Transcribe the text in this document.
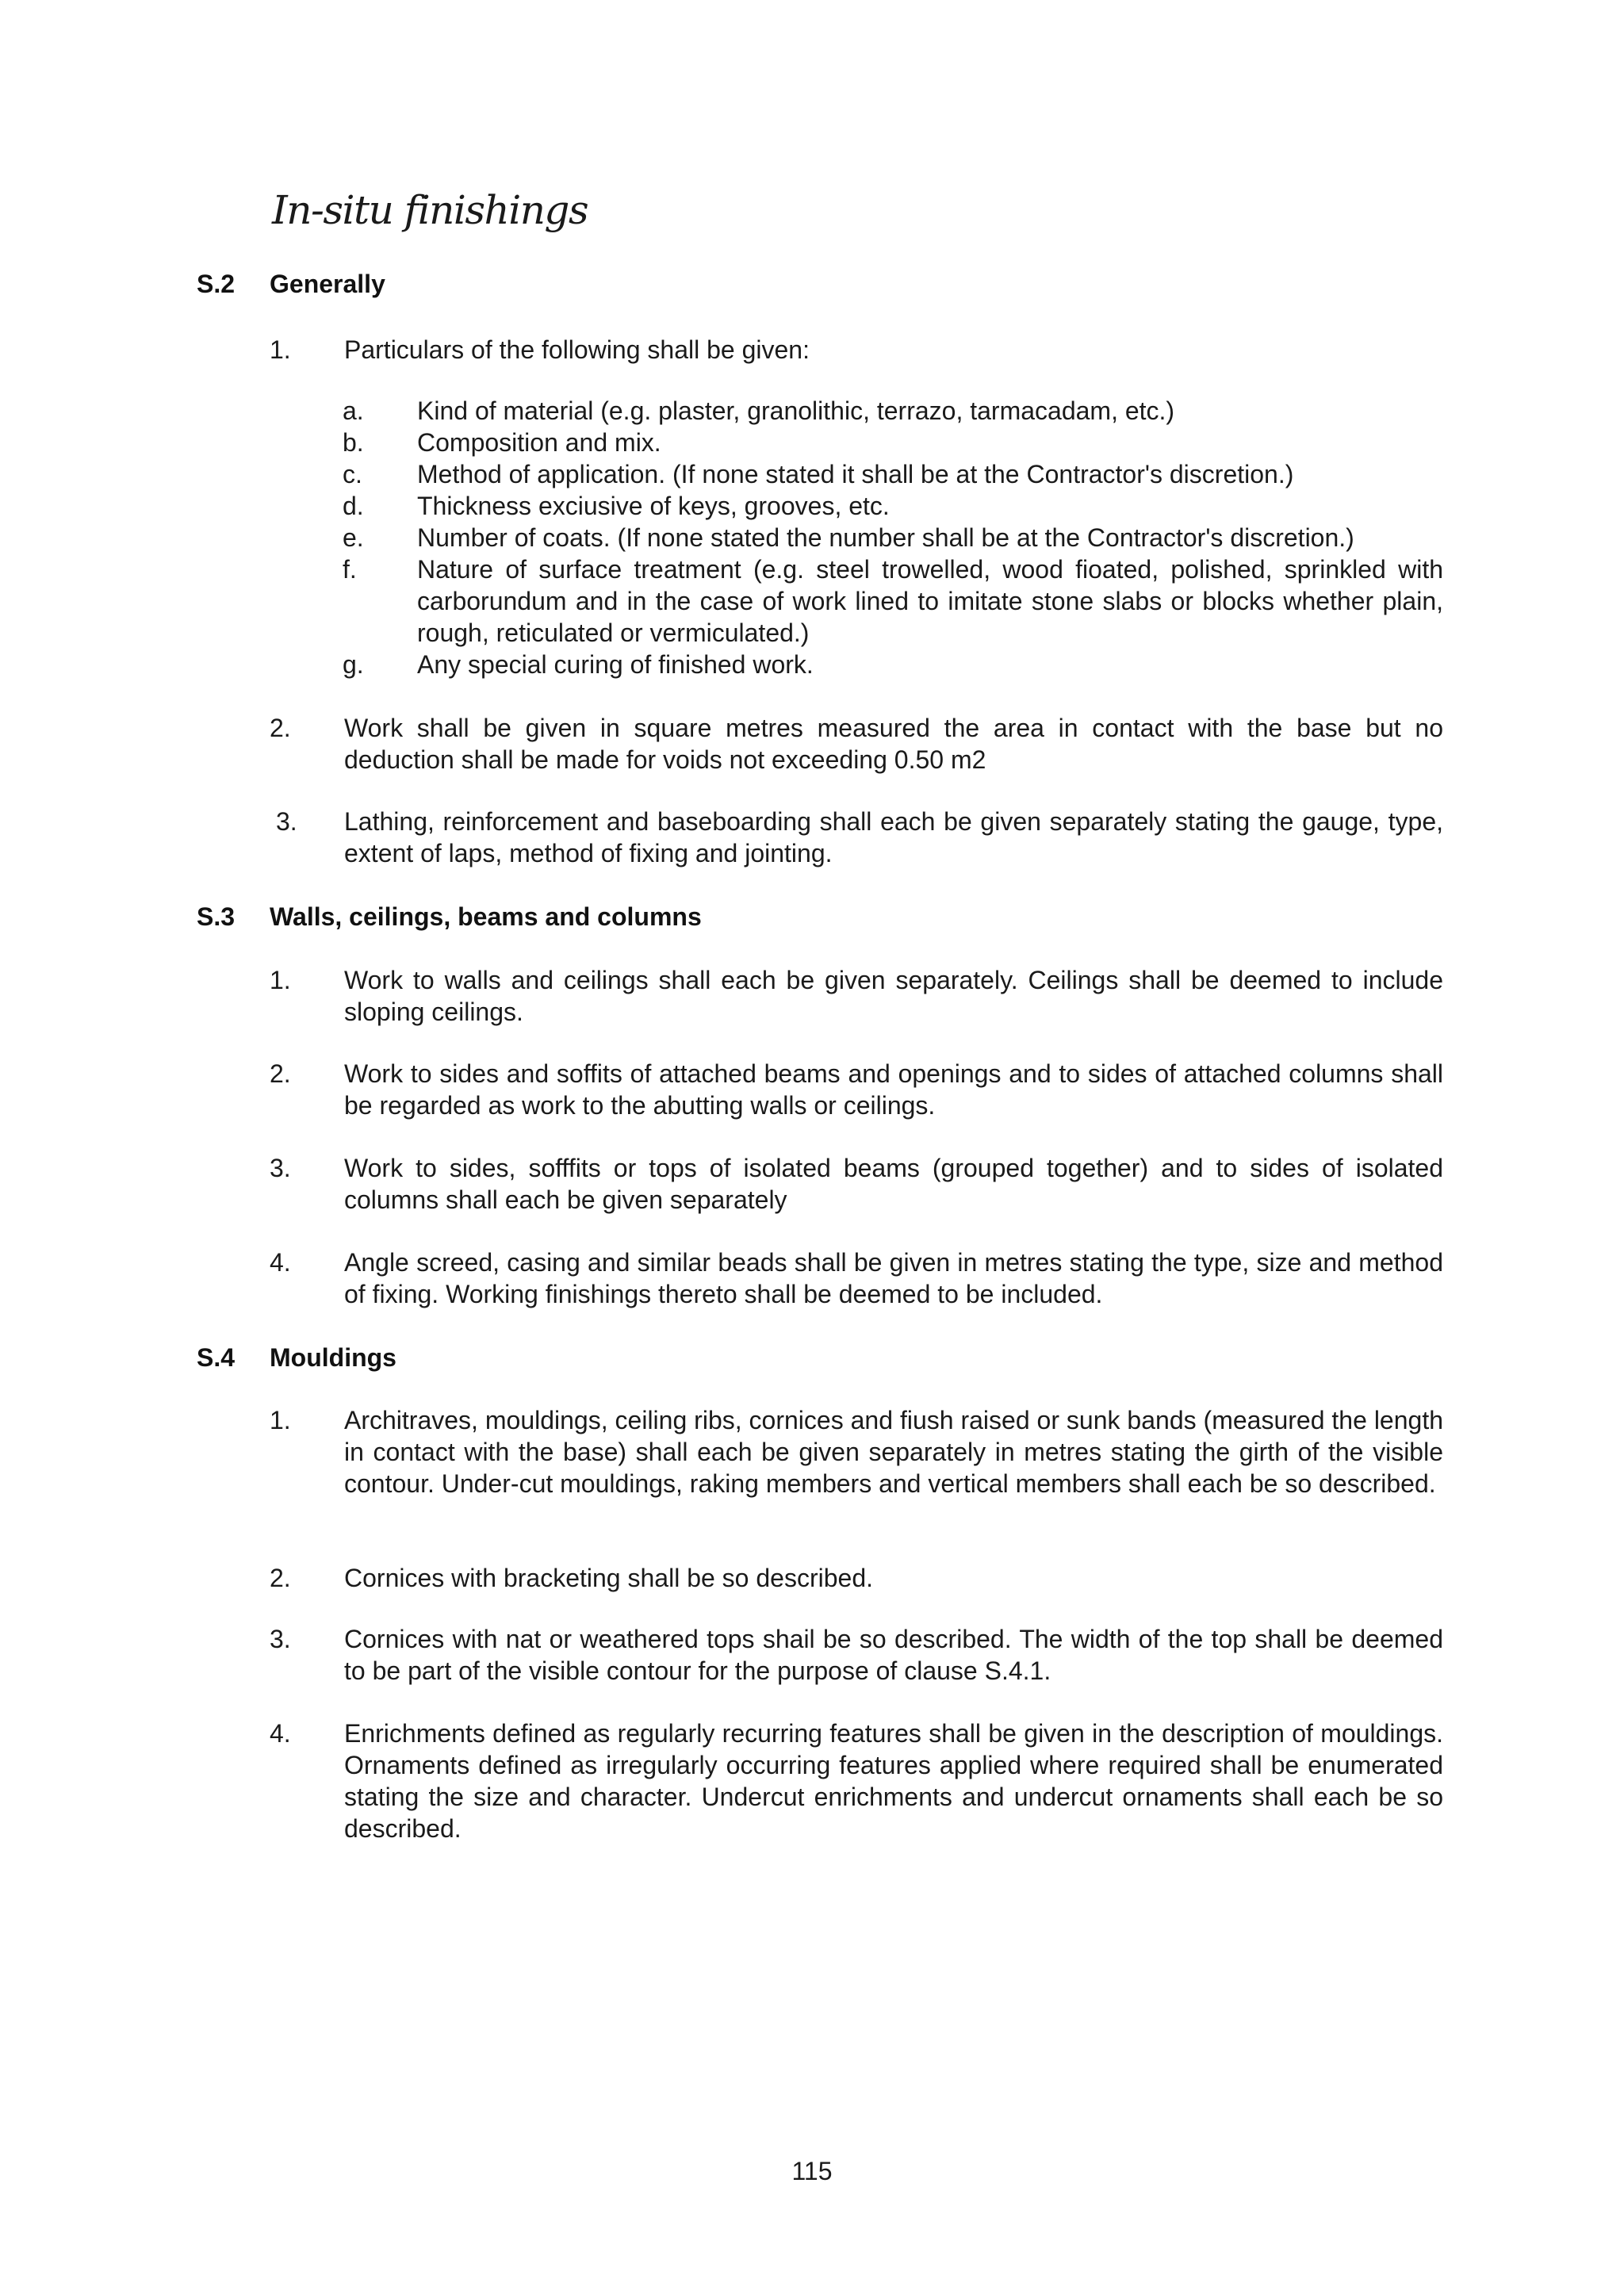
In-situ finishings
S.2 Generally
1. Particulars of the following shall be given:
a. Kind of material (e.g. plaster, granolithic, terrazo, tarmacadam, etc.)
b. Composition and mix.
c. Method of application. (If none stated it shall be at the Contractor's discretion.)
d. Thickness exciusive of keys, grooves, etc.
e. Number of coats. (If none stated the number shall be at the Contractor's discretion.)
f. Nature of surface treatment (e.g. steel trowelled, wood fioated, polished, sprinkled with carborundum and in the case of work lined to imitate stone slabs or blocks whether plain, rough, reticulated or vermiculated.)
g. Any special curing of finished work.
2. Work shall be given in square metres measured the area in contact with the base but no deduction shall be made for voids not exceeding 0.50 m2
3. Lathing, reinforcement and baseboarding shall each be given separately stating the gauge, type, extent of laps, method of fixing and jointing.
S.3 Walls, ceilings, beams and columns
1. Work to walls and ceilings shall each be given separately. Ceilings shall be deemed to include sloping ceilings.
2. Work to sides and soffits of attached beams and openings and to sides of attached columns shall be regarded as work to the abutting walls or ceilings.
3. Work to sides, sofffits or tops of isolated beams (grouped together) and to sides of isolated columns shall each be given separately
4. Angle screed, casing and similar beads shall be given in metres stating the type, size and method of fixing. Working finishings thereto shall be deemed to be included.
S.4 Mouldings
1. Architraves, mouldings, ceiling ribs, cornices and fiush raised or sunk bands (measured the length in contact with the base) shall each be given separately in metres stating the girth of the visible contour. Under-cut mouldings, raking members and vertical members shall each be so described.
2. Cornices with bracketing shall be so described.
3. Cornices with nat or weathered tops shail be so described. The width of the top shall be deemed to be part of the visible contour for the purpose of clause S.4.1.
4. Enrichments defined as regularly recurring features shall be given in the description of mouldings. Ornaments defined as irregularly occurring features applied where required shall be enumerated stating the size and character. Undercut enrichments and undercut ornaments shall each be so described.
115
